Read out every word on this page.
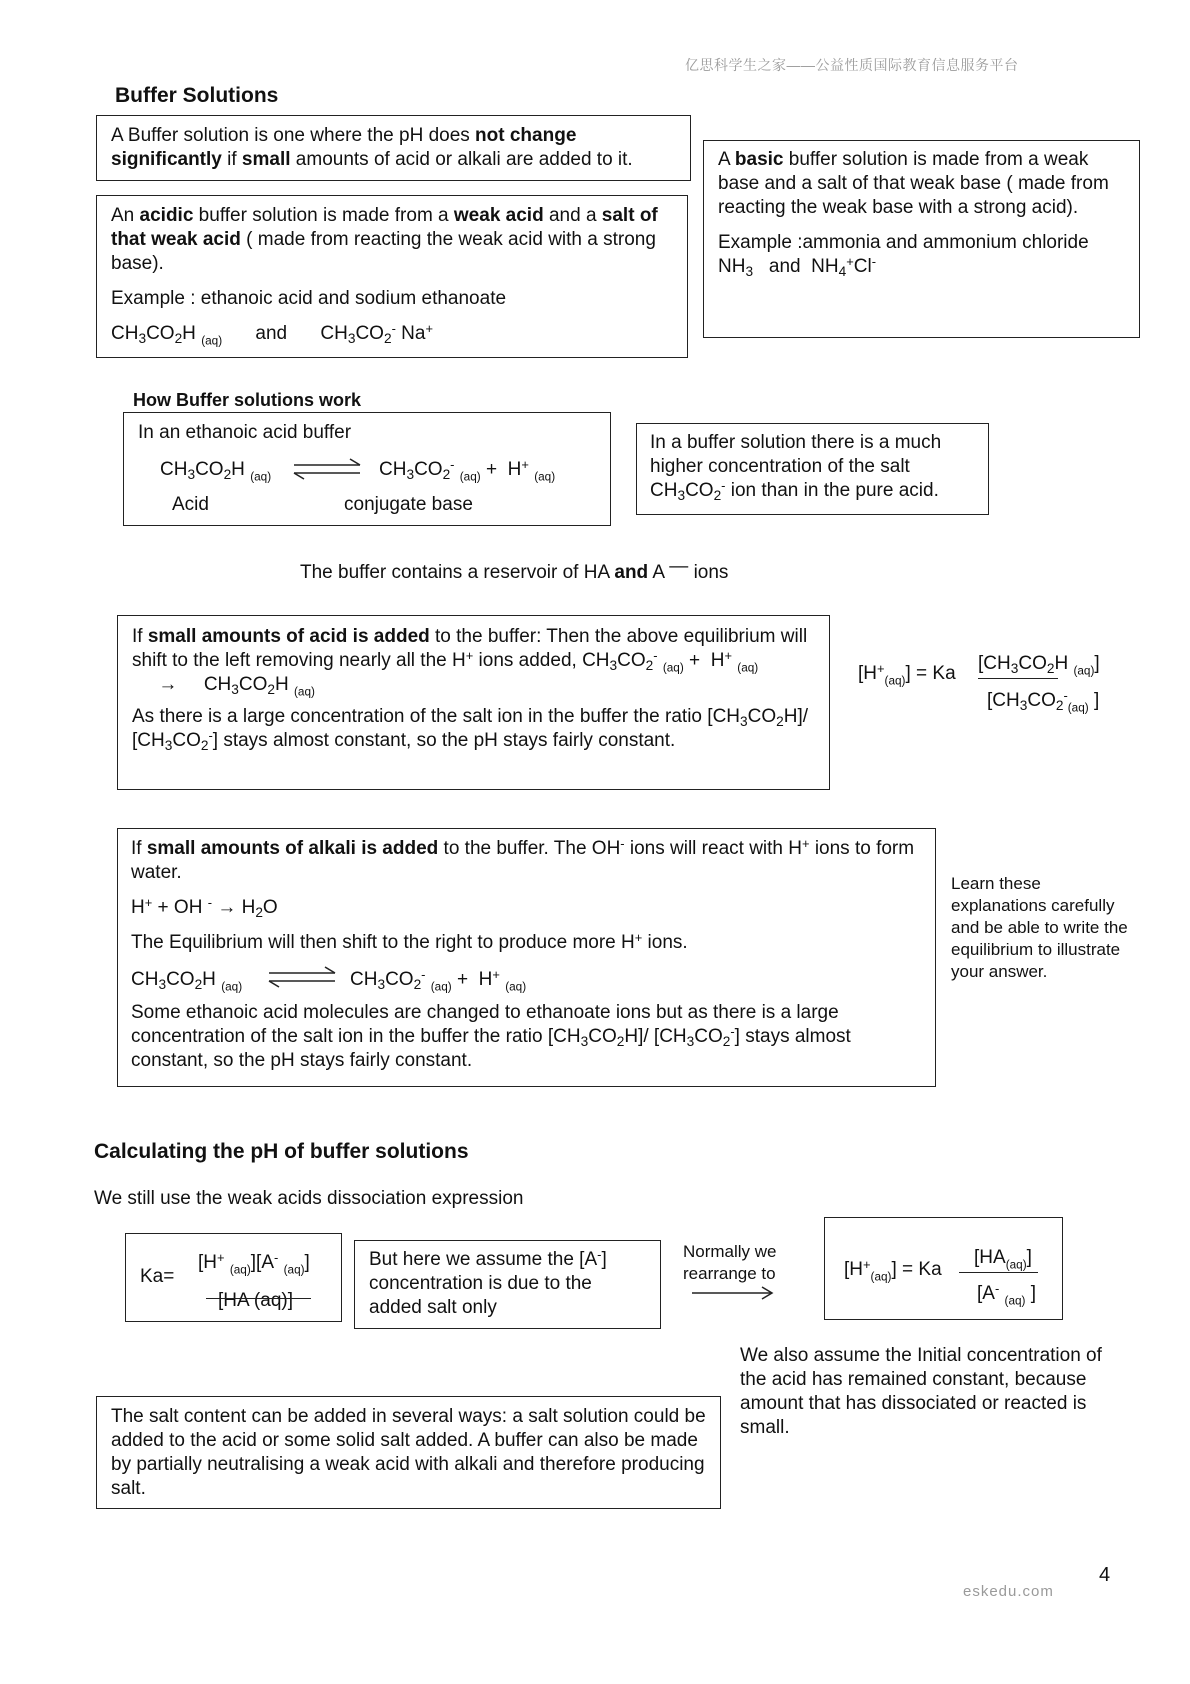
亿思科学生之家——公益性质国际教育信息服务平台
Buffer Solutions
A Buffer solution is one where the pH does not change significantly if small amounts of acid or alkali are added to it.

An acidic buffer solution is made from a weak acid and a salt of that weak acid ( made from reacting the weak acid with a strong base).

Example : ethanoic acid and sodium ethanoate

$CH_3CO_2H$ $_{(aq)}$ and $CH_3CO_2^-$ Na+

A basic buffer solution is made from a weak base and a salt of that weak base ( made from reacting the weak base with a strong acid).

Example :ammonia and ammonium chloride

$NH_3$ and $NH_4^+Cl^-$

How Buffer solutions work
In an ethanoic acid buffer
$CH_3CO_2H$ $_{(aq)}$ ⇌ $CH_3CO_2^-$ $_{(aq)}$ +  H+ $_{(aq)}$
Acid	conjugate base
In a buffer solution there is a much higher concentration of the salt $CH_3CO_2^-$ ion than in the pure acid.
The buffer contains a reservoir of HA and A — ions

If small amounts of acid is added to the buffer: Then the above equilibrium will shift to the left removing nearly all the H+ ions added, $CH_3CO_2^-$ $_{(aq)}$ +  H+ $_{(aq)}$      → $CH_3CO_2H$ $_{(aq)}$

As there is a large concentration of the salt ion in the buffer the ratio $[CH_3CO_2H]/$ $[CH_3CO_2^-]$ stays almost constant, so the pH stays fairly constant.

$[H^+_{(aq)}] = Ka$ [$CH_3CO_2H$ $_{(aq)}$]
[$CH_3CO_2^-_{(aq)}$ ]

If small amounts of alkali is added to the buffer. The OH- ions will react with H+ ions to form water.

H+ + OH $^- \to H_2O$

The Equilibrium will then shift to the right to produce more H+ ions.

$CH_3CO_2H$ $_{(aq)}$ ⇌ $CH_3CO_2^-$ $_{(aq)}$ +  H+ $_{(aq)}$

Some ethanoic acid molecules are changed to ethanoate ions but as there is a large concentration of the salt ion in the buffer the ratio $[CH_3CO_2H]/$ $[CH_3CO_2^-]$ stays almost constant, so the pH stays fairly constant.

Learn these explanations carefully and be able to write the equilibrium to illustrate your answer.
Calculating the pH of buffer solutions
We still use the weak acids dissociation expression
Ka=
[H+ $_{(aq)}$][A- $_{(aq)}$]
[HA (aq)]
But here we assume the [A-] concentration is due to the added salt only
Normally we rearrange to	$[H^+_{(aq)}] = Ka$
$[HA_{(aq)}]$
[A- $_{(aq)}$ ]
We also assume the Initial concentration of the acid has remained constant, because amount that has dissociated or reacted is small.
The salt content can be added in several ways: a salt solution could be added to the acid or some solid salt added. A buffer can also be made by partially neutralising a weak acid with alkali and therefore producing salt.
eskedu.com
4
